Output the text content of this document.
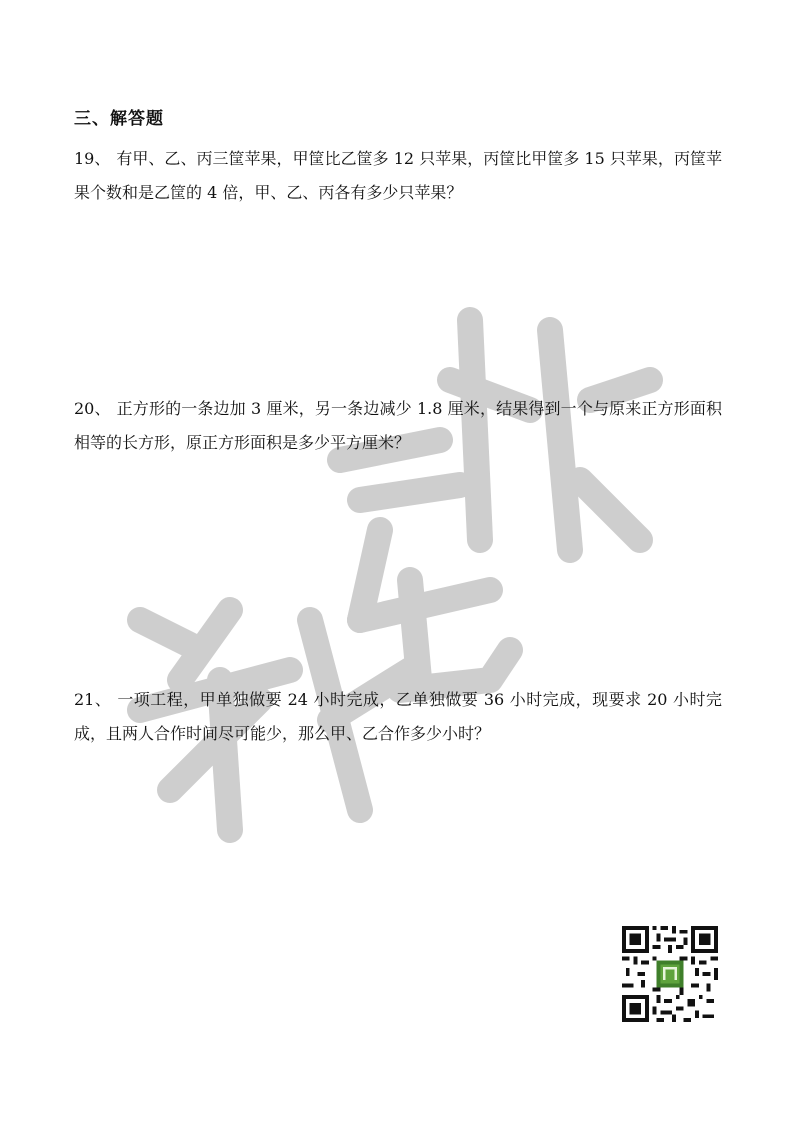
三、解答题
19、 有甲、乙、丙三筐苹果，甲筐比乙筐多 12 只苹果，丙筐比甲筐多 15 只苹果，丙筐苹果个数和是乙筐的 4 倍，甲、乙、丙各有多少只苹果？
20、 正方形的一条边加 3 厘米，另一条边减少 1.8 厘米，结果得到一个与原来正方形面积相等的长方形，原正方形面积是多少平方厘米？
21、 一项工程，甲单独做要 24 小时完成，乙单独做要 36 小时完成，现要求 20 小时完成，且两人合作时间尽可能少，那么甲、乙合作多少小时？
